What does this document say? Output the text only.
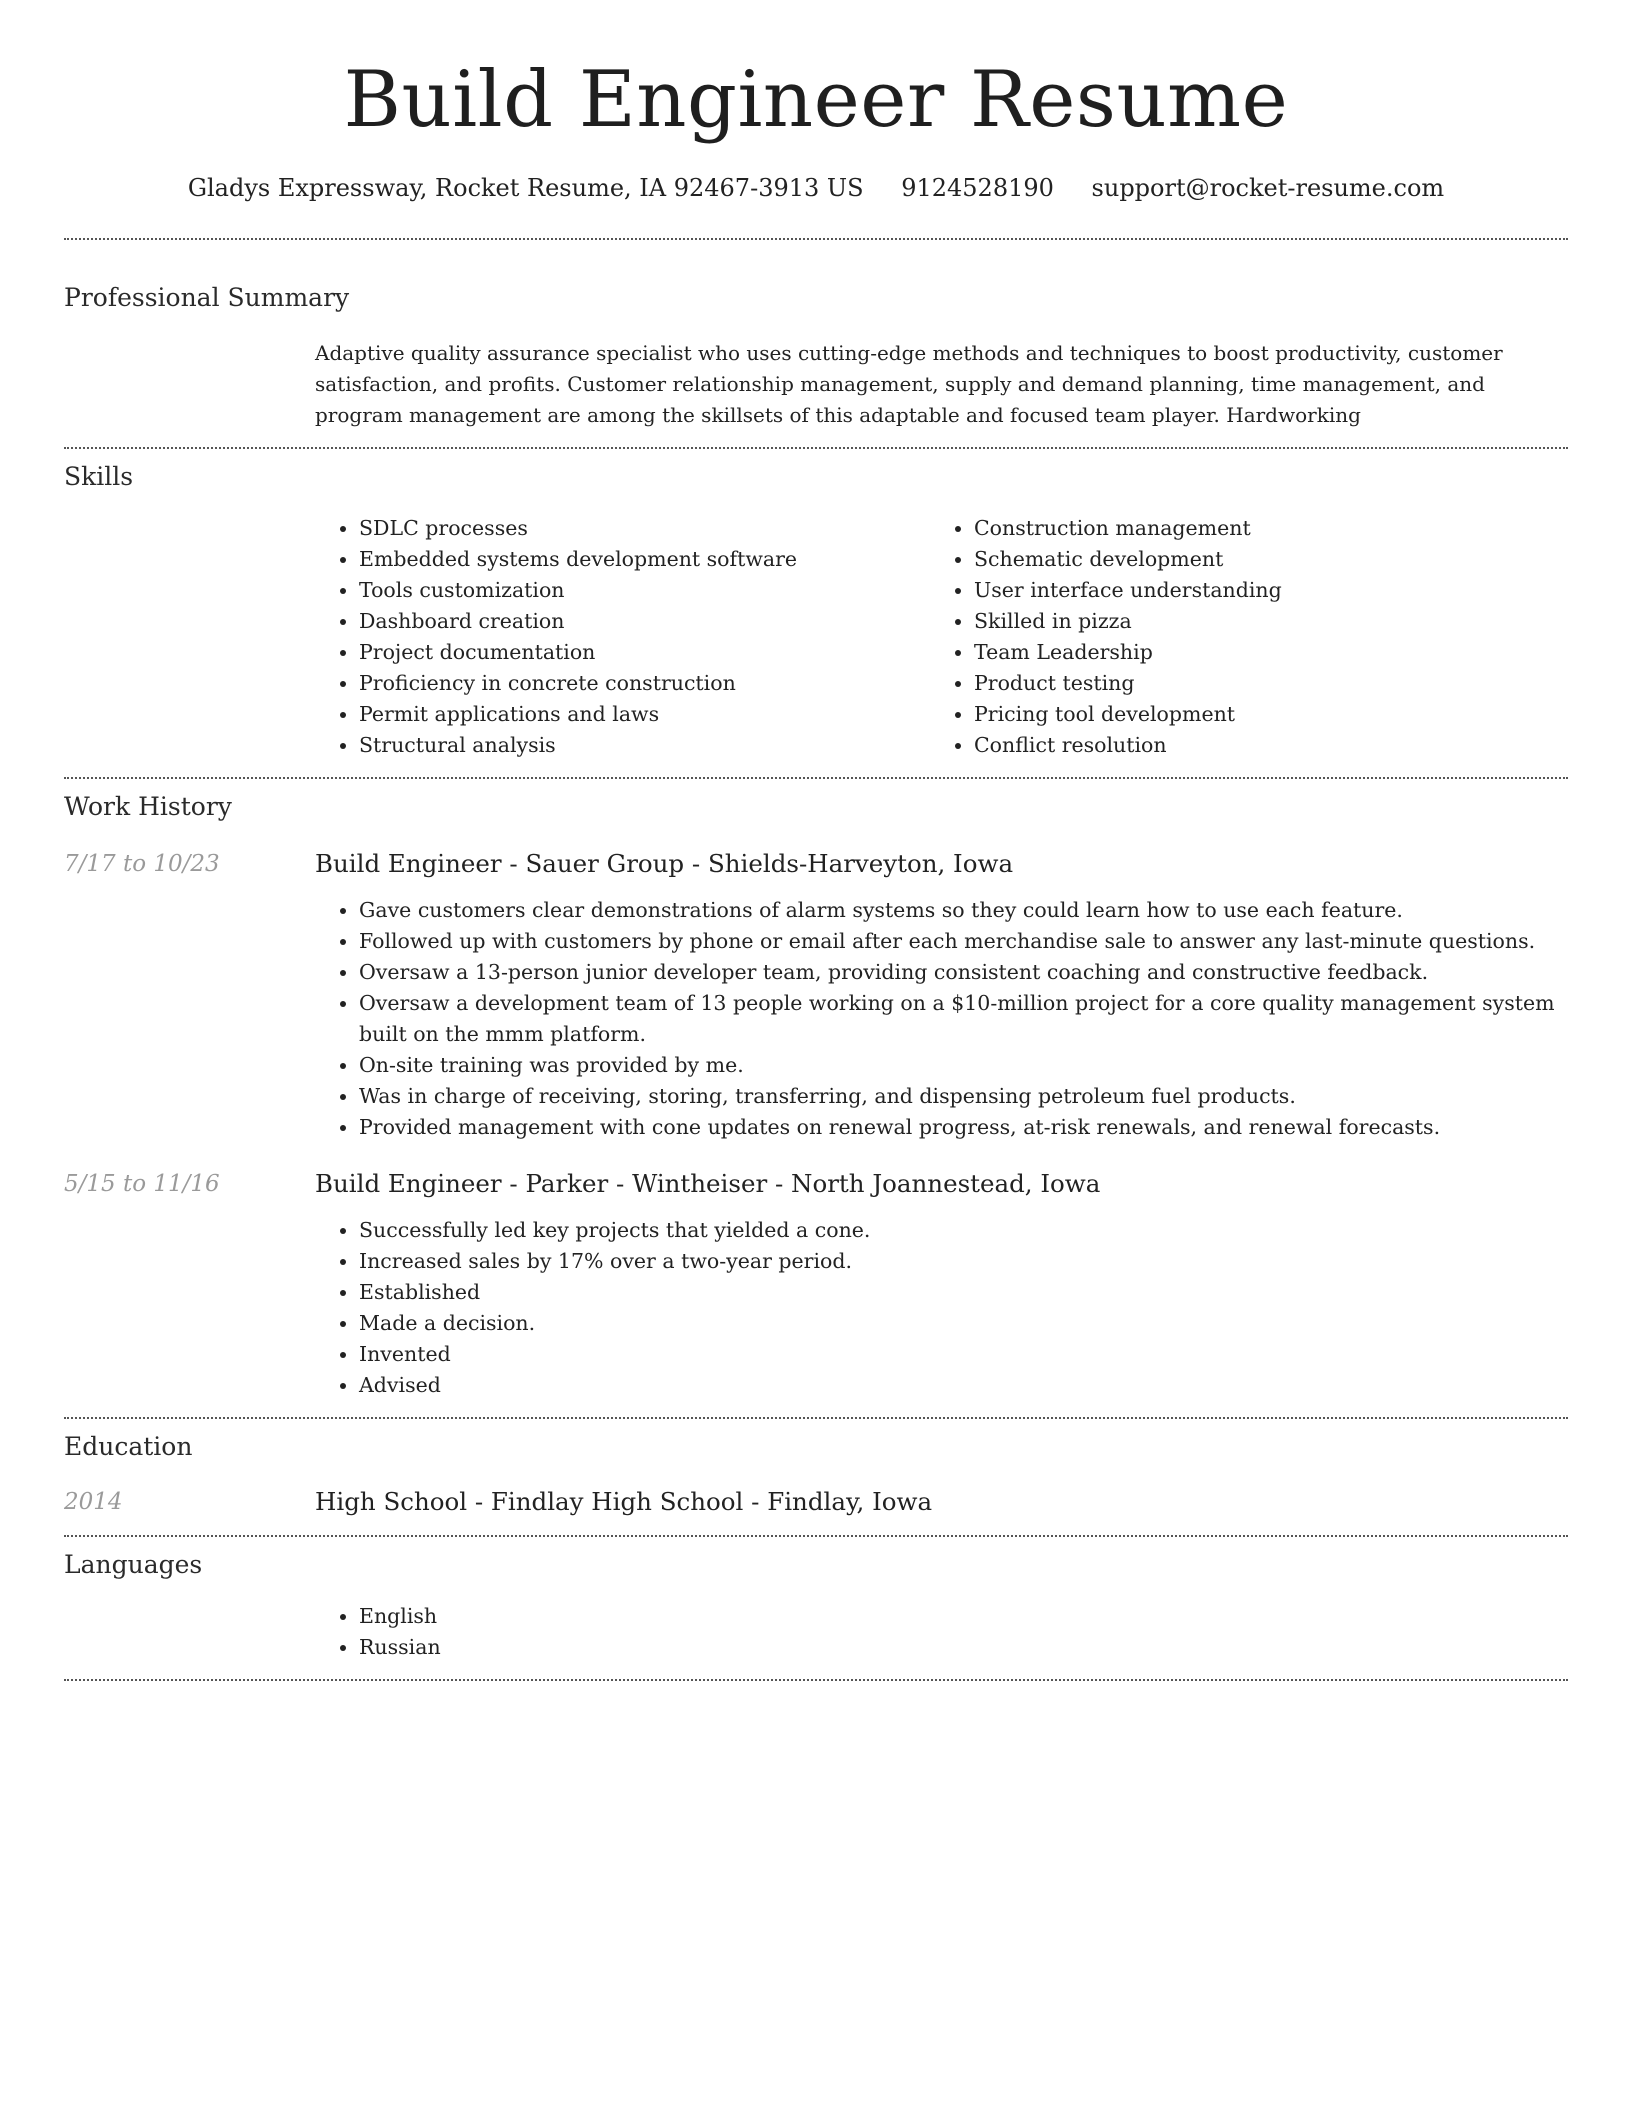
Build Engineer Resume
Gladys Expressway, Rocket Resume, IA 92467-3913 US 9124528190 support@rocket-resume.com
Professional Summary
Adaptive quality assurance specialist who uses cutting-edge methods and techniques to boost productivity, customer satisfaction, and profits. Customer relationship management, supply and demand planning, time management, and program management are among the skillsets of this adaptable and focused team player. Hardworking
Skills
• SDLC processes
• Embedded systems development software
• Tools customization
• Dashboard creation
• Project documentation
• Proficiency in concrete construction
• Permit applications and laws
• Structural analysis
• Construction management
• Schematic development
• User interface understanding
• Skilled in pizza
• Team Leadership
• Product testing
• Pricing tool development
• Conflict resolution
Work History
7/17 to 10/23	Build Engineer - Sauer Group - Shields-Harveyton, Iowa
• Gave customers clear demonstrations of alarm systems so they could learn how to use each feature.
• Followed up with customers by phone or email after each merchandise sale to answer any last-minute questions.
• Oversaw a 13-person junior developer team, providing consistent coaching and constructive feedback.
• Oversaw a development team of 13 people working on a $10-million project for a core quality management system built on the mmm platform.
• On-site training was provided by me.
• Was in charge of receiving, storing, transferring, and dispensing petroleum fuel products.
• Provided management with cone updates on renewal progress, at-risk renewals, and renewal forecasts.
5/15 to 11/16	Build Engineer - Parker - Wintheiser - North Joannestead, Iowa
• Successfully led key projects that yielded a cone.
• Increased sales by 17% over a two-year period.
• Established
• Made a decision.
• Invented
• Advised
Education
2014	High School - Findlay High School - Findlay, Iowa
Languages
• English
• Russian
